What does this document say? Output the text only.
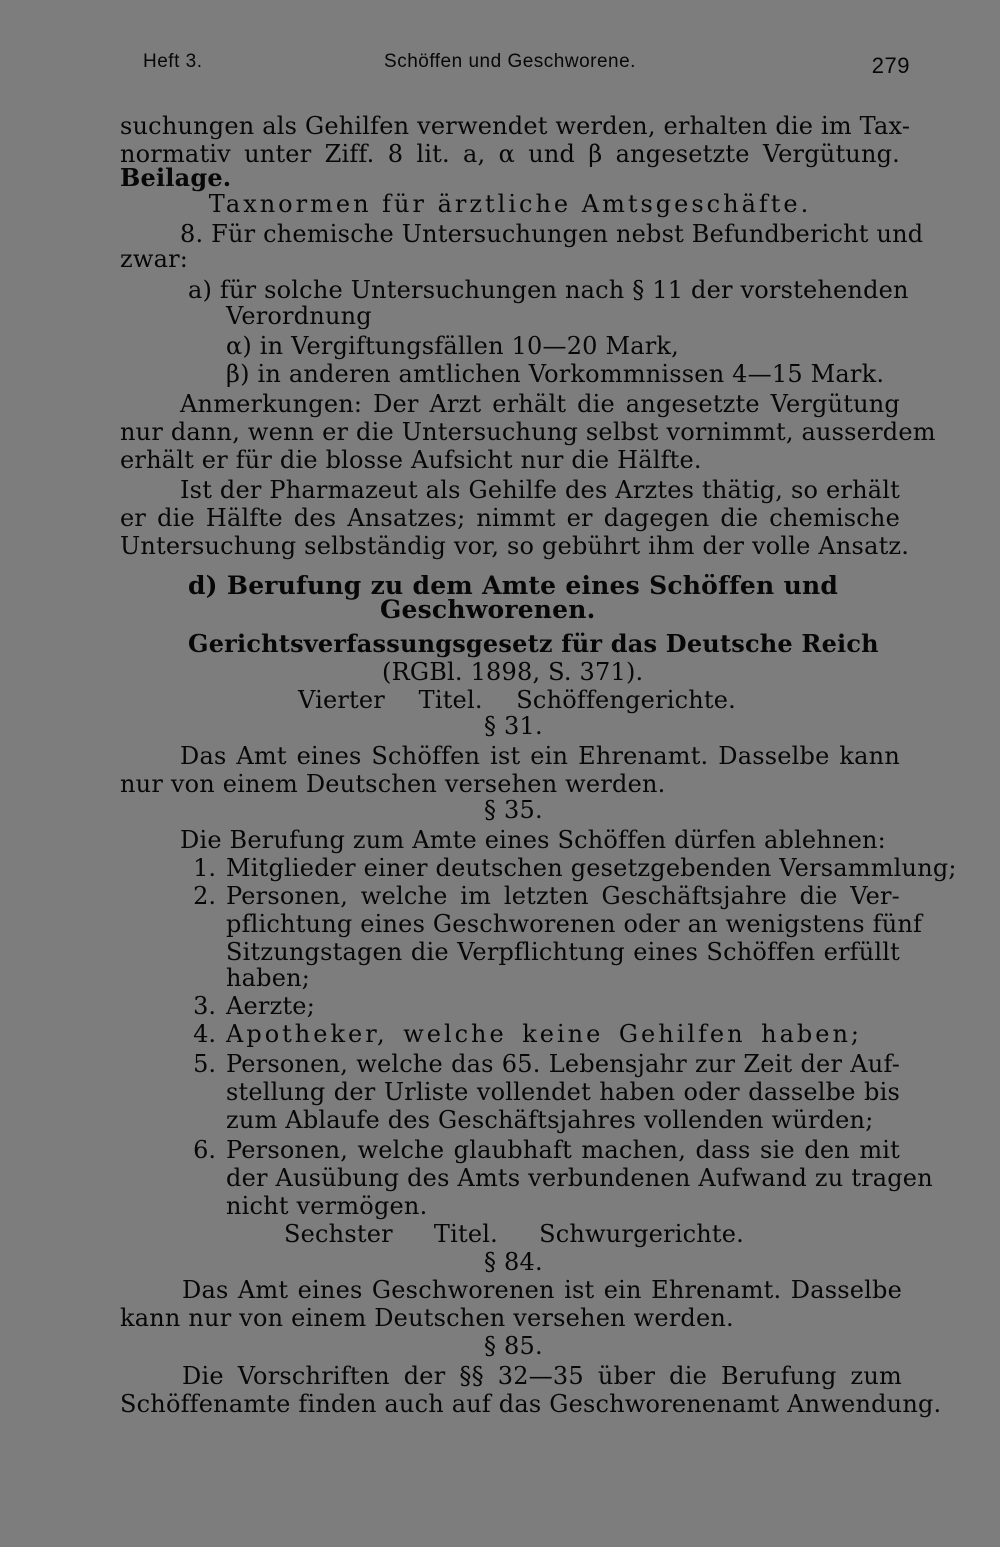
Heft 3.	Schöffen und Geschworene.	279
suchungen als Gehilfen verwendet werden, erhalten die im Tax-
normativ unter Ziff. 8 lit. a, α und β angesetzte Vergütung.
Beilage.
Taxnormen für ärztliche Amtsgeschäfte.
8. Für chemische Untersuchungen nebst Befundbericht und
zwar:
a) für solche Untersuchungen nach § 11 der vorstehenden
Verordnung
α) in Vergiftungsfällen 10—20 Mark,
β) in anderen amtlichen Vorkommnissen 4—15 Mark.
Anmerkungen: Der Arzt erhält die angesetzte Vergütung
nur dann, wenn er die Untersuchung selbst vornimmt, ausserdem
erhält er für die blosse Aufsicht nur die Hälfte.
Ist der Pharmazeut als Gehilfe des Arztes thätig, so erhält
er die Hälfte des Ansatzes; nimmt er dagegen die chemische
Untersuchung selbständig vor, so gebührt ihm der volle Ansatz.
d) Berufung zu dem Amte eines Schöffen und
Geschworenen.
Gerichtsverfassungsgesetz für das Deutsche Reich
(RGBl. 1898, S. 371).
Vierter Titel. Schöffengerichte.
§ 31.
Das Amt eines Schöffen ist ein Ehrenamt. Dasselbe kann
nur von einem Deutschen versehen werden.
§ 35.
Die Berufung zum Amte eines Schöffen dürfen ablehnen:
1. Mitglieder einer deutschen gesetzgebenden Versammlung;
2. Personen, welche im letzten Geschäftsjahre die Ver-
pflichtung eines Geschworenen oder an wenigstens fünf
Sitzungstagen die Verpflichtung eines Schöffen erfüllt
haben;
3. Aerzte;
4. Apotheker, welche keine Gehilfen haben;
5. Personen, welche das 65. Lebensjahr zur Zeit der Auf-
stellung der Urliste vollendet haben oder dasselbe bis
zum Ablaufe des Geschäftsjahres vollenden würden;
6. Personen, welche glaubhaft machen, dass sie den mit
der Ausübung des Amts verbundenen Aufwand zu tragen
nicht vermögen.
Sechster Titel. Schwurgerichte.
§ 84.
Das Amt eines Geschworenen ist ein Ehrenamt. Dasselbe
kann nur von einem Deutschen versehen werden.
§ 85.
Die Vorschriften der §§ 32—35 über die Berufung zum
Schöffenamte finden auch auf das Geschworenenamt Anwendung.
